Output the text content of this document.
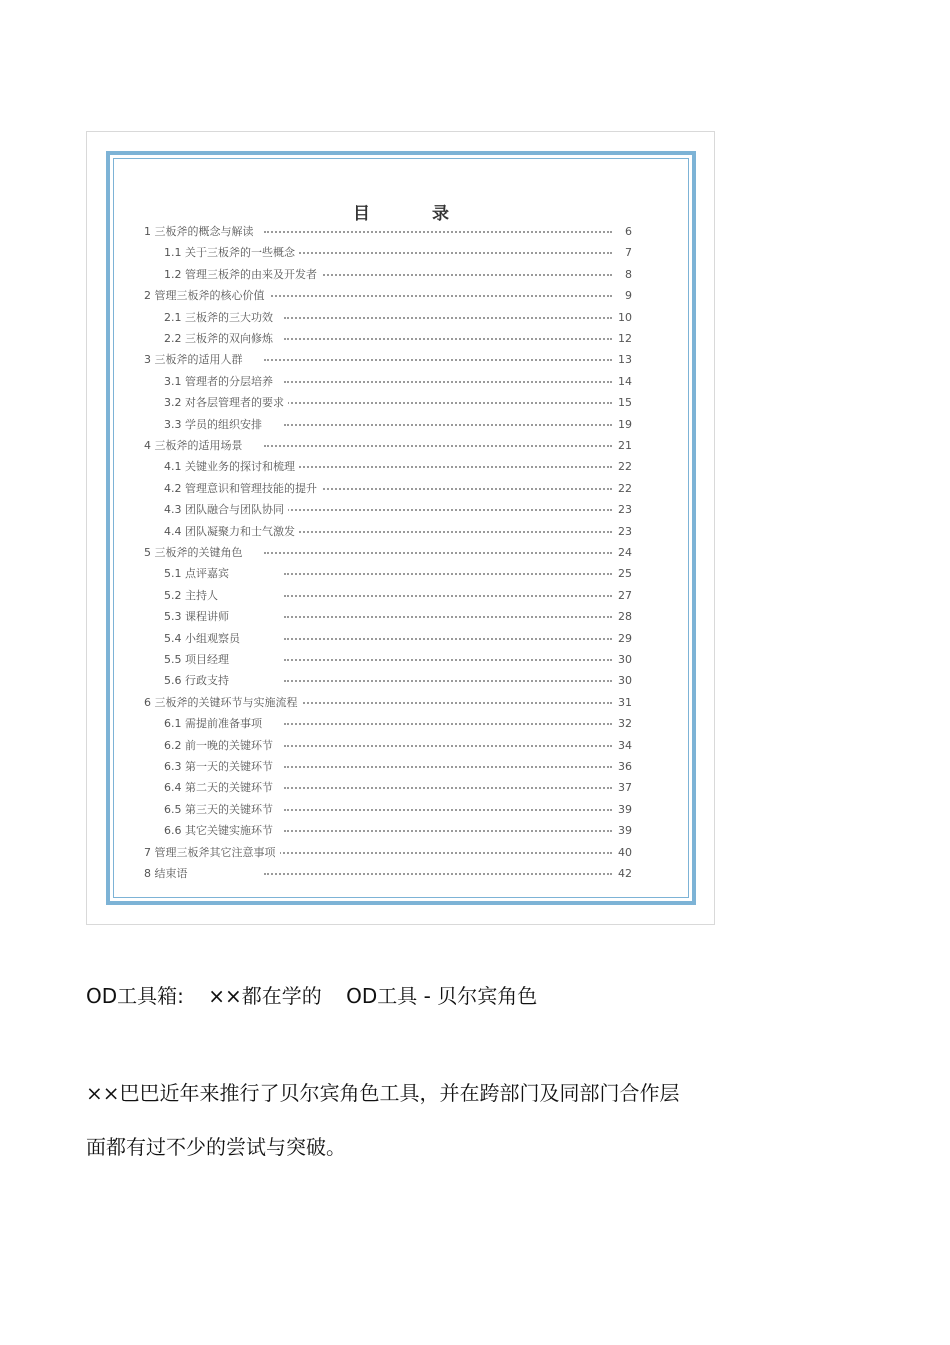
目 录
1 三板斧的概念与解读	6
1.1 关于三板斧的一些概念	7
1.2 管理三板斧的由来及开发者	8
2 管理三板斧的核心价值	9
2.1 三板斧的三大功效	10
2.2 三板斧的双向修炼	12
3 三板斧的适用人群	13
3.1 管理者的分层培养	14
3.2 对各层管理者的要求	15
3.3 学员的组织安排	19
4 三板斧的适用场景	21
4.1 关键业务的探讨和梳理	22
4.2 管理意识和管理技能的提升	22
4.3 团队融合与团队协同	23
4.4 团队凝聚力和士气激发	23
5 三板斧的关键角色	24
5.1 点评嘉宾	25
5.2 主持人	27
5.3 课程讲师	28
5.4 小组观察员	29
5.5 项目经理	30
5.6 行政支持	30
6 三板斧的关键环节与实施流程	31
6.1 需提前准备事项	32
6.2 前一晚的关键环节	34
6.3 第一天的关键环节	36
6.4 第二天的关键环节	37
6.5 第三天的关键环节	39
6.6 其它关键实施环节	39
7 管理三板斧其它注意事项	40
8 结束语	42
OD工具箱: ××都在学的 OD工具 - 贝尔宾角色
××巴巴近年来推行了贝尔宾角色工具，并在跨部门及同部门合作层
面都有过不少的尝试与突破。
